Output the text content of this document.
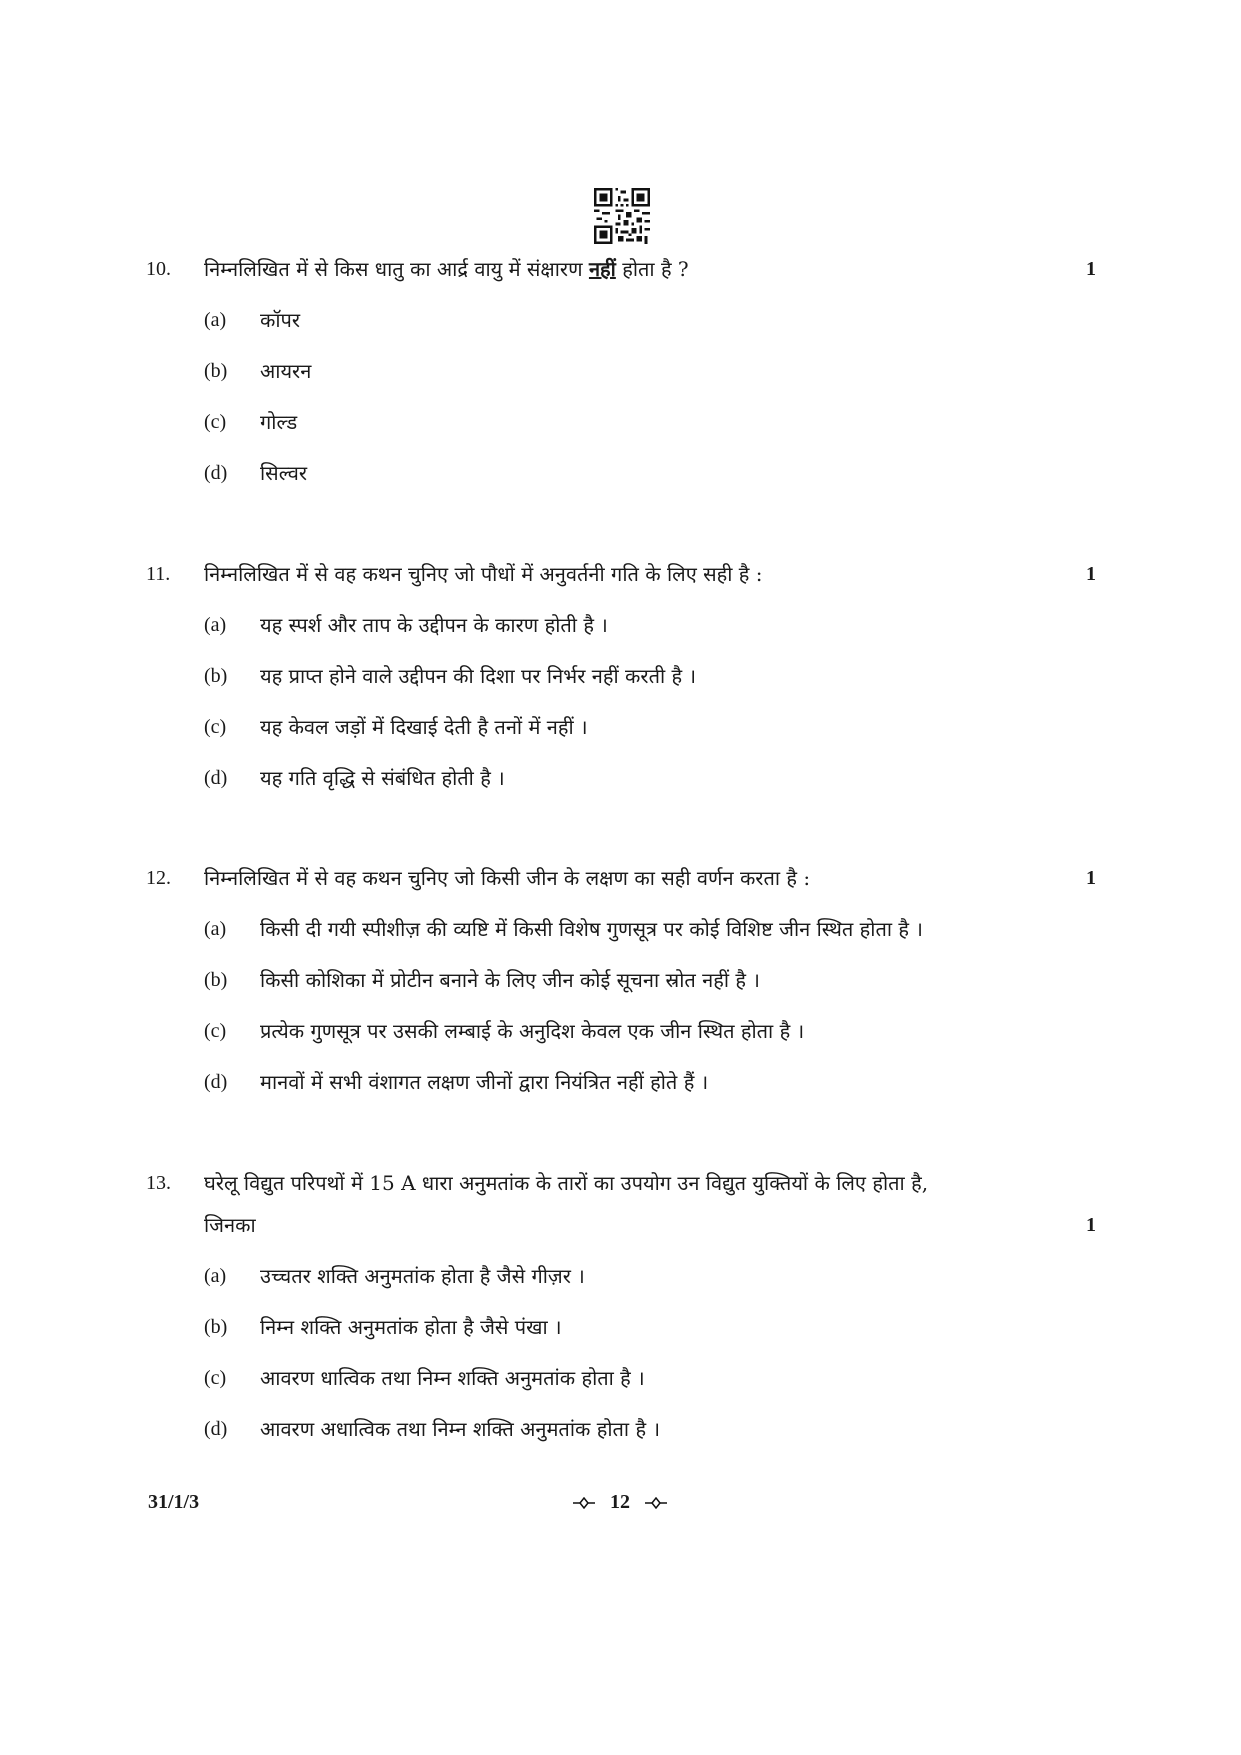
10. निम्नलिखित में से किस धातु का आर्द्र वायु में संक्षारण नहीं होता है ?	1
(a) कॉपर
(b) आयरन
(c) गोल्ड
(d) सिल्वर
11. निम्नलिखित में से वह कथन चुनिए जो पौधों में अनुवर्तनी गति के लिए सही है :	1
(a) यह स्पर्श और ताप के उद्दीपन के कारण होती है ।
(b) यह प्राप्त होने वाले उद्दीपन की दिशा पर निर्भर नहीं करती है ।
(c) यह केवल जड़ों में दिखाई देती है तनों में नहीं ।
(d) यह गति वृद्धि से संबंधित होती है ।
12. निम्नलिखित में से वह कथन चुनिए जो किसी जीन के लक्षण का सही वर्णन करता है :	1
(a) किसी दी गयी स्पीशीज़ की व्यष्टि में किसी विशेष गुणसूत्र पर कोई विशिष्ट जीन स्थित होता है ।
(b) किसी कोशिका में प्रोटीन बनाने के लिए जीन कोई सूचना स्रोत नहीं है ।
(c) प्रत्येक गुणसूत्र पर उसकी लम्बाई के अनुदिश केवल एक जीन स्थित होता है ।
(d) मानवों में सभी वंशागत लक्षण जीनों द्वारा नियंत्रित नहीं होते हैं ।
13. घरेलू विद्युत परिपथों में 15 A धारा अनुमतांक के तारों का उपयोग उन विद्युत युक्तियों के लिए होता है,
जिनका	1
(a) उच्चतर शक्ति अनुमतांक होता है जैसे गीज़र ।
(b) निम्न शक्ति अनुमतांक होता है जैसे पंखा ।
(c) आवरण धात्विक तथा निम्न शक्ति अनुमतांक होता है ।
(d) आवरण अधात्विक तथा निम्न शक्ति अनुमतांक होता है ।
31/1/3	12
